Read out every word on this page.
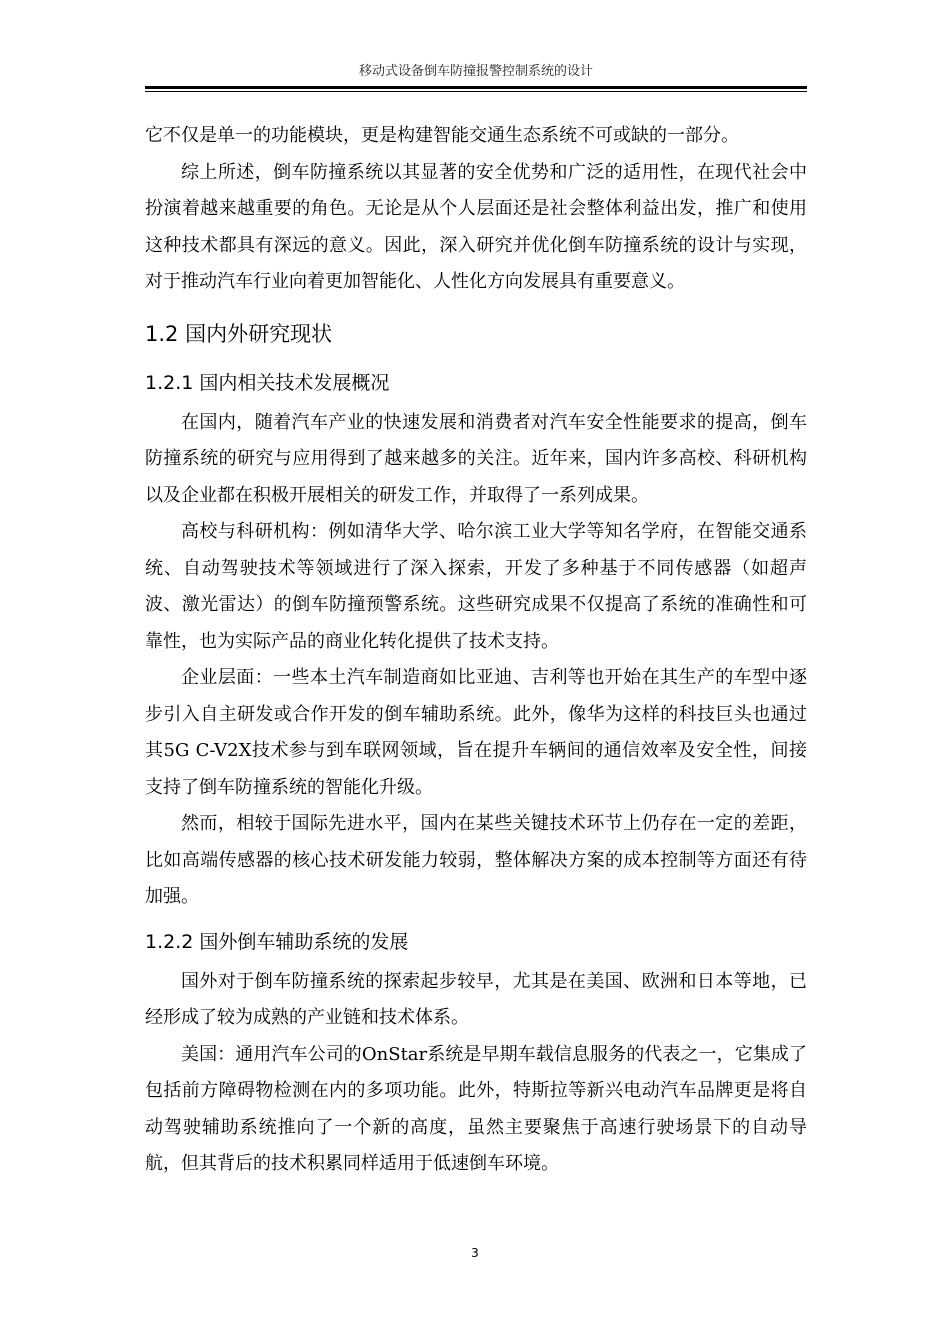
移动式设备倒车防撞报警控制系统的设计

它不仅是单一的功能模块，更是构建智能交通生态系统不可或缺的一部分。

综上所述，倒车防撞系统以其显著的安全优势和广泛的适用性，在现代社会中扮演着越来越重要的角色。无论是从个人层面还是社会整体利益出发，推广和使用这种技术都具有深远的意义。因此，深入研究并优化倒车防撞系统的设计与实现，对于推动汽车行业向着更加智能化、人性化方向发展具有重要意义。

1.2 国内外研究现状
1.2.1 国内相关技术发展概况

在国内，随着汽车产业的快速发展和消费者对汽车安全性能要求的提高，倒车防撞系统的研究与应用得到了越来越多的关注。近年来，国内许多高校、科研机构以及企业都在积极开展相关的研发工作，并取得了一系列成果。

高校与科研机构：例如清华大学、哈尔滨工业大学等知名学府，在智能交通系统、自动驾驶技术等领域进行了深入探索，开发了多种基于不同传感器（如超声波、激光雷达）的倒车防撞预警系统。这些研究成果不仅提高了系统的准确性和可靠性，也为实际产品的商业化转化提供了技术支持。

企业层面：一些本土汽车制造商如比亚迪、吉利等也开始在其生产的车型中逐步引入自主研发或合作开发的倒车辅助系统。此外，像华为这样的科技巨头也通过其5G C-V2X技术参与到车联网领域，旨在提升车辆间的通信效率及安全性，间接支持了倒车防撞系统的智能化升级。

然而，相较于国际先进水平，国内在某些关键技术环节上仍存在一定的差距，比如高端传感器的核心技术研发能力较弱，整体解决方案的成本控制等方面还有待加强。

1.2.2 国外倒车辅助系统的发展

国外对于倒车防撞系统的探索起步较早，尤其是在美国、欧洲和日本等地，已经形成了较为成熟的产业链和技术体系。

美国：通用汽车公司的OnStar系统是早期车载信息服务的代表之一，它集成了包括前方障碍物检测在内的多项功能。此外，特斯拉等新兴电动汽车品牌更是将自动驾驶辅助系统推向了一个新的高度，虽然主要聚焦于高速行驶场景下的自动导航，但其背后的技术积累同样适用于低速倒车环境。

3
